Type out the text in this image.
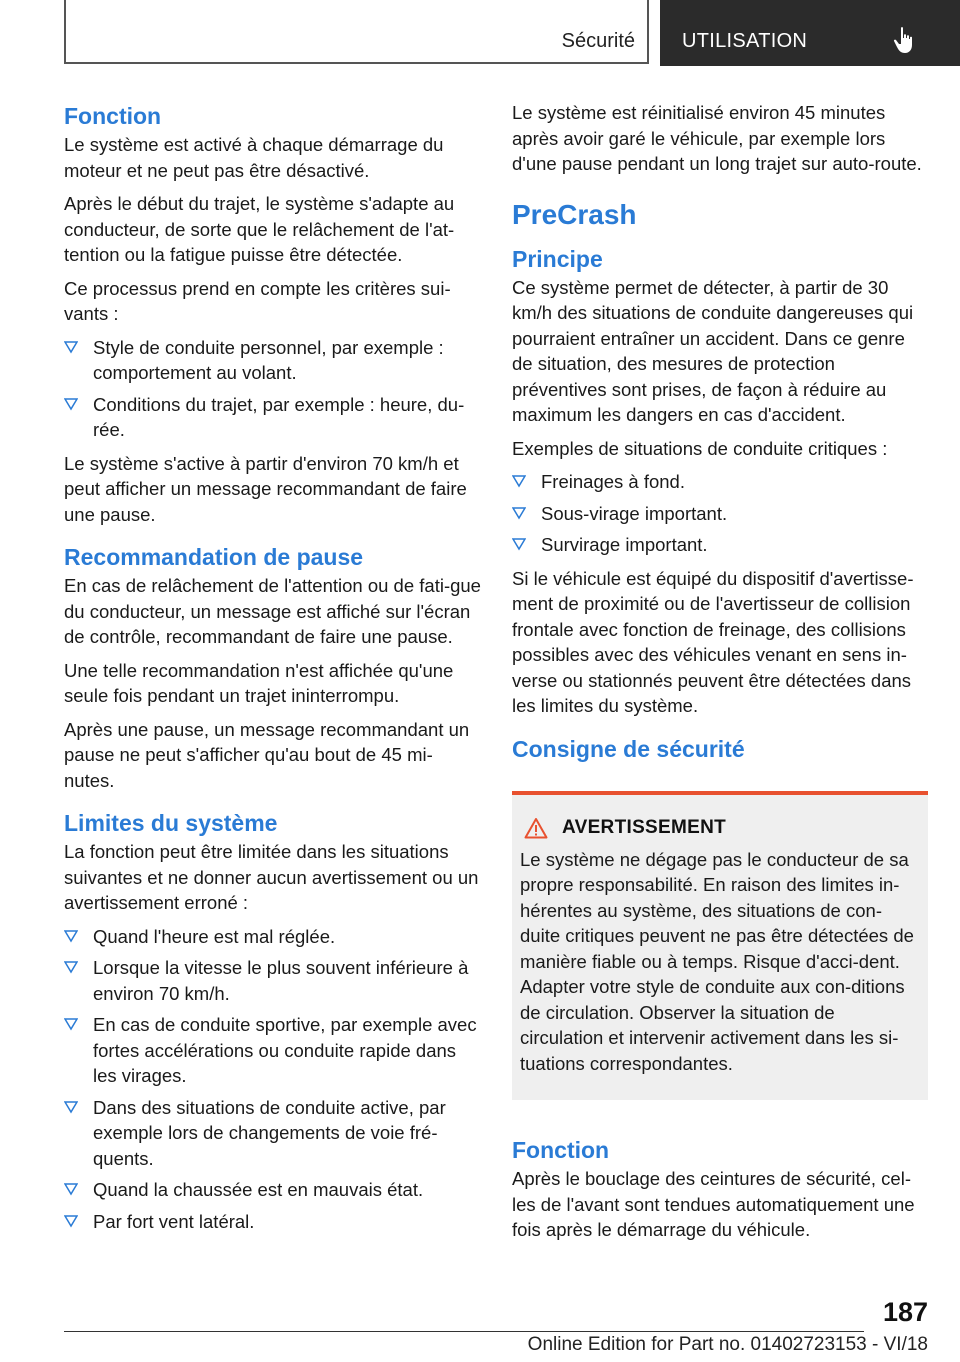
Sécurité UTILISATION
Fonction

Le système est activé à chaque démarrage du moteur et ne peut pas être désactivé.

Après le début du trajet, le système s'adapte au conducteur, de sorte que le relâchement de l'at‐tention ou la fatigue puisse être détectée.

Ce processus prend en compte les critères sui‐vants :

Style de conduite personnel, par exemple : comportement au volant.
Conditions du trajet, par exemple : heure, du‐rée.

Le système s'active à partir d'environ 70 km/h et peut afficher un message recommandant de faire une pause.

Recommandation de pause

En cas de relâchement de l'attention ou de fati‐gue du conducteur, un message est affiché sur l'écran de contrôle, recommandant de faire une pause.

Une telle recommandation n'est affichée qu'une seule fois pendant un trajet ininterrompu.

Après une pause, un message recommandant un pause ne peut s'afficher qu'au bout de 45 mi‐nutes.

Limites du système

La fonction peut être limitée dans les situations suivantes et ne donner aucun avertissement ou un avertissement erroné :

Quand l'heure est mal réglée.
Lorsque la vitesse le plus souvent inférieure à environ 70 km/h.
En cas de conduite sportive, par exemple avec fortes accélérations ou conduite rapide dans les virages.
Dans des situations de conduite active, par exemple lors de changements de voie fré‐quents.
Quand la chaussée est en mauvais état.
Par fort vent latéral.

Le système est réinitialisé environ 45 minutes après avoir garé le véhicule, par exemple lors d'une pause pendant un long trajet sur auto‐route.

PreCrash
Principe

Ce système permet de détecter, à partir de 30 km/h des situations de conduite dangereuses qui pourraient entraîner un accident. Dans ce genre de situation, des mesures de protection préventives sont prises, de façon à réduire au maximum les dangers en cas d'accident.

Exemples de situations de conduite critiques :

Freinages à fond.
Sous-virage important.
Survirage important.

Si le véhicule est équipé du dispositif d'avertisse‐ment de proximité ou de l'avertisseur de collision frontale avec fonction de freinage, des collisions possibles avec des véhicules venant en sens in‐verse ou stationnés peuvent être détectées dans les limites du système.

Consigne de sécurité
AVERTISSEMENT

Le système ne dégage pas le conducteur de sa propre responsabilité. En raison des limites in‐hérentes au système, des situations de con‐duite critiques peuvent ne pas être détectées de manière fiable ou à temps. Risque d'acci‐dent. Adapter votre style de conduite aux con‐ditions de circulation. Observer la situation de circulation et intervenir activement dans les si‐tuations correspondantes.

Fonction

Après le bouclage des ceintures de sécurité, cel‐les de l'avant sont tendues automatiquement une fois après le démarrage du véhicule.

187
Online Edition for Part no. 01402723153 - VI/18
